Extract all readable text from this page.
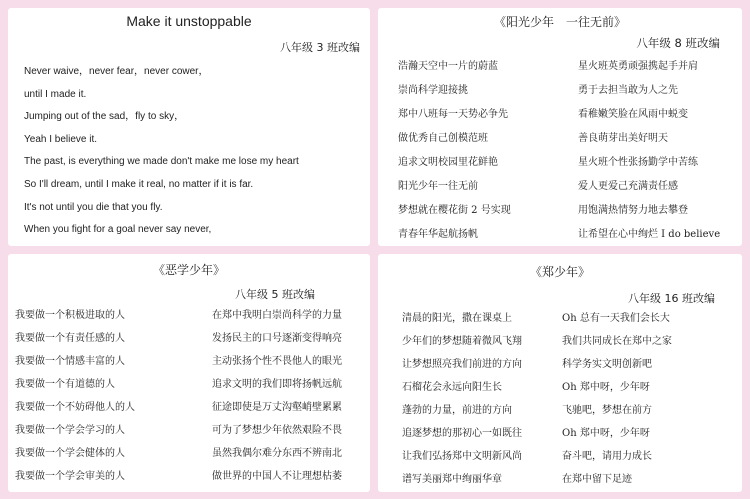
Make it unstoppable
八年级 3 班改编
Never waive，never fear，never cower，
until I made it.
Jumping out of the sad，fly to sky，
Yeah I believe it.
The past, is everything we made don't make me lose my heart
So I'll dream, until I make it real, no matter if it is far.
It's not until you die that you fly.
When you fight for a goal never say never,
《阳光少年　一往无前》
八年级 8 班改编
浩瀚天空中一片的蔚蓝
崇尚科学迎接挑
郑中八班每一天势必争先
做优秀自己创模范班
追求文明校园里花鲜艳
阳光少年一往无前
梦想就在樱花街 2 号实现
青春年华起航扬帆
星火班英勇顽强携起手并肩
勇于去担当敢为人之先
看稚嫩笑脸在风雨中蜕变
善良萌芽出美好明天
星火班个性张扬勤学中苦练
爱人更爱己充满责任感
用饱满热情努力地去攀登
让希望在心中绚烂 I do believe
《恶学少年》
八年级 5 班改编
我要做一个积极进取的人
我要做一个有责任感的人
我要做一个情感丰富的人
我要做一个有道德的人
我要做一个不妨碍他人的人
我要做一个学会学习的人
我要做一个学会健体的人
我要做一个学会审美的人
在郑中我明白崇尚科学的力量
发扬民主的口号逐渐变得响亮
主动张扬个性不畏他人的眼光
追求文明的我们即将扬帆远航
征途即使是万丈沟壑峭壁累累
可为了梦想少年依然艰险不畏
虽然我偶尔难分东西不辨南北
做世界的中国人不让理想枯萎
《郑少年》
八年级 16 班改编
清晨的阳光，撒在课桌上
少年们的梦想随着微风飞翔
让梦想照亮我们前进的方向
石榴花会永远向阳生长
蓬勃的力量，前进的方向
追逐梦想的那初心一如既往
让我们弘扬郑中文明新风尚
谱写美丽郑中绚丽华章
Oh 总有一天我们会长大
我们共同成长在郑中之家
科学务实文明创新吧
Oh 郑中呀，少年呀
飞驰吧，梦想在前方
Oh 郑中呀，少年呀
奋斗吧，请用力成长
在郑中留下足迹
